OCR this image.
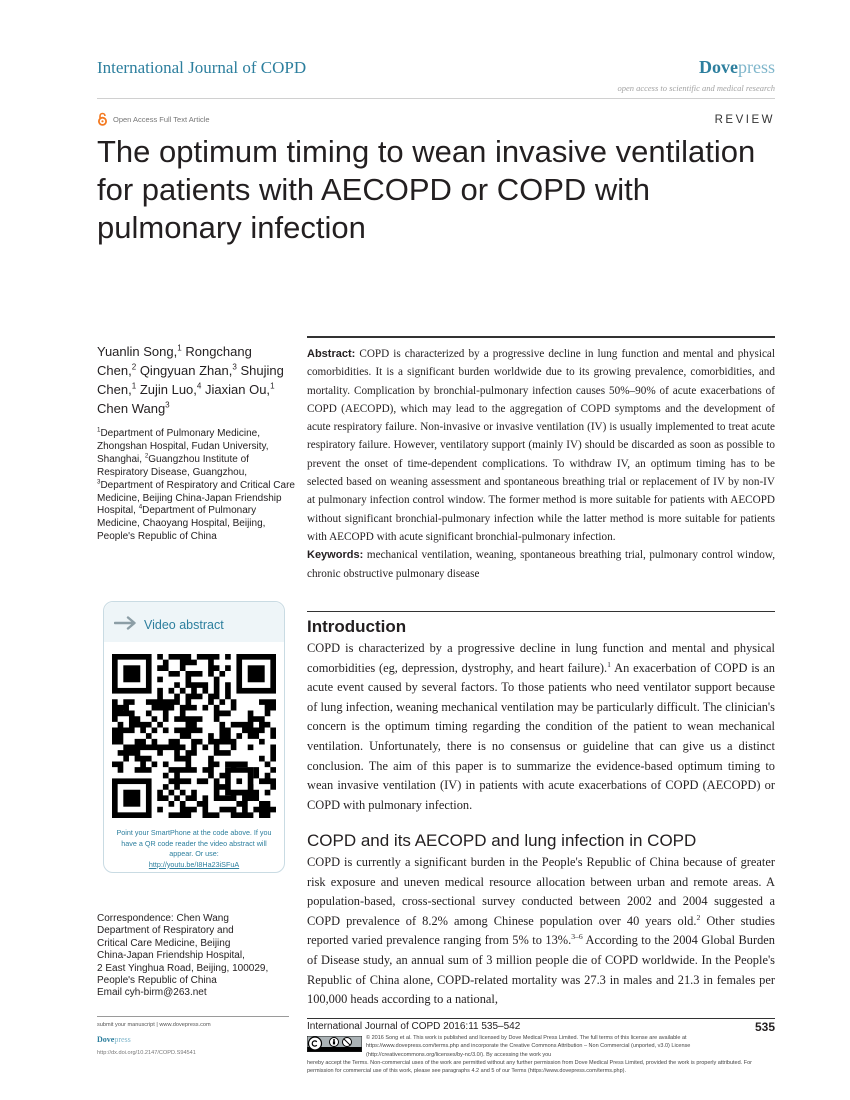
International Journal of COPD	Dovepress
open access to scientific and medical research
Open Access Full Text Article	REVIEW
The optimum timing to wean invasive ventilation for patients with AECOPD or COPD with pulmonary infection
Yuanlin Song,$^1$ Rongchang Chen,$^2$ Qingyuan Zhan,$^3$ Shujing Chen,$^1$ Zujin Luo,$^4$ Jiaxian Ou,$^1$ Chen Wang$^3$
$^1$Department of Pulmonary Medicine, Zhongshan Hospital, Fudan University, Shanghai, $^2$Guangzhou Institute of Respiratory Disease, Guangzhou, $^3$Department of Respiratory and Critical Care Medicine, Beijing China-Japan Friendship Hospital, $^4$Department of Pulmonary Medicine, Chaoyang Hospital, Beijing, People's Republic of China
Video abstract
Point your SmartPhone at the code above. If you have a QR code reader the video abstract will appear. Or use:
http://youtu.be/I8Ha23iSFuA
Correspondence: Chen Wang
Department of Respiratory and
Critical Care Medicine, Beijing
China-Japan Friendship Hospital,
2 East Yinghua Road, Beijing, 100029,
People's Republic of China
Email cyh-birm@263.net
submit your manuscript | www.dovepress.com
Dovepress
http://dx.doi.org/10.2147/COPD.S94541
Abstract: COPD is characterized by a progressive decline in lung function and mental and physical comorbidities. It is a significant burden worldwide due to its growing prevalence, comorbidities, and mortality. Complication by bronchial-pulmonary infection causes 50%–90% of acute exacerbations of COPD (AECOPD), which may lead to the aggregation of COPD symptoms and the development of acute respiratory failure. Non-invasive or invasive ventilation (IV) is usually implemented to treat acute respiratory failure. However, ventilatory support (mainly IV) should be discarded as soon as possible to prevent the onset of time-dependent complications. To withdraw IV, an optimum timing has to be selected based on weaning assessment and spontaneous breathing trial or replacement of IV by non-IV at pulmonary infection control window. The former method is more suitable for patients with AECOPD without significant bronchial-pulmonary infection while the latter method is more suitable for patients with AECOPD with acute significant bronchial-pulmonary infection.
Keywords: mechanical ventilation, weaning, spontaneous breathing trial, pulmonary control window, chronic obstructive pulmonary disease
Introduction
COPD is characterized by a progressive decline in lung function and mental and physical comorbidities (eg, depression, dystrophy, and heart failure).$^1$ An exacerbation of COPD is an acute event caused by several factors. To those patients who need ventilator support because of lung infection, weaning mechanical ventilation may be particularly difficult. The clinician's concern is the optimum timing regarding the condition of the patient to wean mechanical ventilation. Unfortunately, there is no consensus or guideline that can give us a distinct conclusion. The aim of this paper is to summarize the evidence-based optimum timing to wean invasive ventilation (IV) in patients with acute exacerbations of COPD (AECOPD) or COPD with pulmonary infection.
COPD and its AECOPD and lung infection in COPD
COPD is currently a significant burden in the People's Republic of China because of greater risk exposure and uneven medical resource allocation between urban and remote areas. A population-based, cross-sectional survey conducted between 2002 and 2004 suggested a COPD prevalence of 8.2% among Chinese population over 40 years old.$^2$ Other studies reported varied prevalence ranging from 5% to 13%.$^{3-6}$ According to the 2004 Global Burden of Disease study, an annual sum of 3 million people die of COPD worldwide. In the People's Republic of China alone, COPD-related mortality was 27.3 in males and 21.3 in females per 100,000 heads according to a national,
International Journal of COPD 2016:11 535–542	535
© 2016 Song et al. This work is published and licensed by Dove Medical Press Limited. The full terms of this license are available at https://www.dovepress.com/terms.php and incorporate the Creative Commons Attribution – Non Commercial (unported, v3.0) License (http://creativecommons.org/licenses/by-nc/3.0/). By accessing the work you
hereby accept the Terms. Non-commercial uses of the work are permitted without any further permission from Dove Medical Press Limited, provided the work is properly attributed. For permission for commercial use of this work, please see paragraphs 4.2 and 5 of our Terms (https://www.dovepress.com/terms.php).
